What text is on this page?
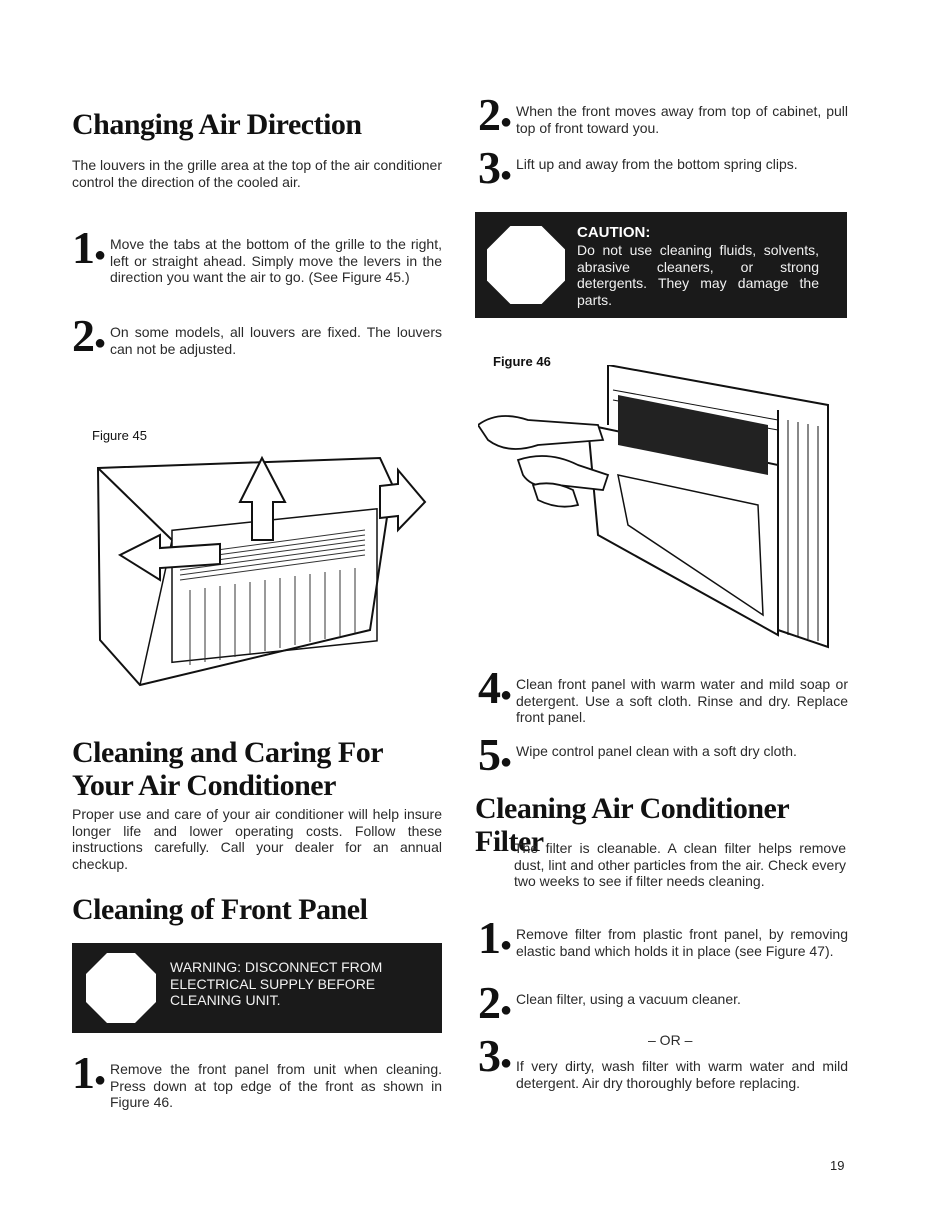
Changing Air Direction

The louvers in the grille area at the top of the air conditioner control the direction of the cooled air.

1● Move the tabs at the bottom of the grille to the right, left or straight ahead. Simply move the levers in the direction you want the air to go. (See Figure 45.)

2● On some models, all louvers are fixed. The louvers can not be adjusted.

Figure 45
Cleaning and Caring For Your Air Conditioner

Proper use and care of your air conditioner will help insure longer life and lower operating costs. Follow these instructions carefully. Call your dealer for an annual checkup.

Cleaning of Front Panel
WARNING: DISCONNECT FROM ELECTRICAL SUPPLY BEFORE CLEANING UNIT.
1● Remove the front panel from unit when cleaning. Press down at top edge of the front as shown in Figure 46.

2● When the front moves away from top of cabinet, pull top of front toward you.

3● Lift up and away from the bottom spring clips.

CAUTION:
Do not use cleaning fluids, solvents, abrasive cleaners, or strong detergents. They may damage the parts.
Figure 46
4● Clean front panel with warm water and mild soap or detergent. Use a soft cloth. Rinse and dry. Replace front panel.

5● Wipe control panel clean with a soft dry cloth.

Cleaning Air Conditioner Filter

The filter is cleanable. A clean filter helps remove dust, lint and other particles from the air. Check every two weeks to see if filter needs cleaning.

1● Remove filter from plastic front panel, by removing elastic band which holds it in place (see Figure 47).

2● Clean filter, using a vacuum cleaner.

– OR –
3● If very dirty, wash filter with warm water and mild detergent. Air dry thoroughly before replacing.

19
